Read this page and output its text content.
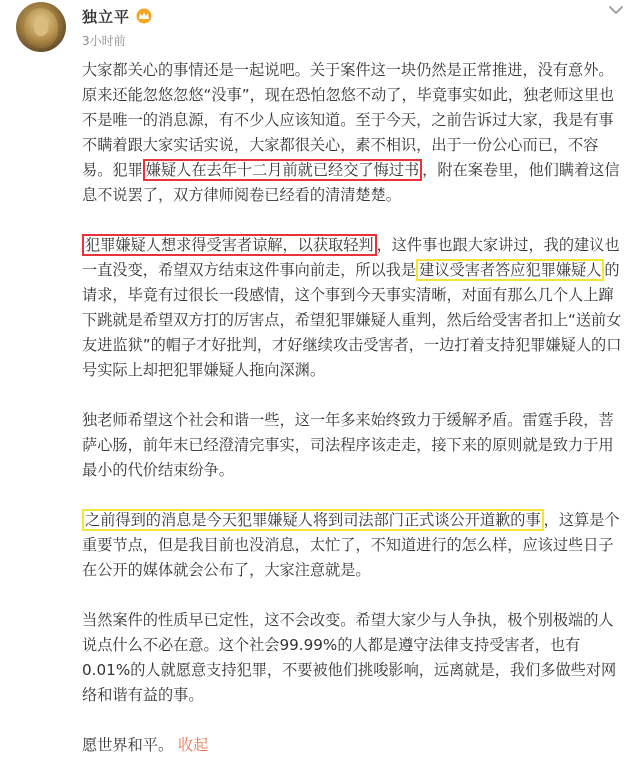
独立平
3小时前

大家都关心的事情还是一起说吧。关于案件这一块仍然是正常推进，没有意外。原来还能忽悠忽悠“没事”，现在恐怕忽悠不动了，毕竟事实如此，独老师这里也不是唯一的消息源，有不少人应该知道。至于今天，之前告诉过大家，我是有事不瞒着跟大家实话实说，大家都很关心，素不相识，出于一份公心而已，不容易。犯罪 嫌疑人在去年十二月前就已经交了悔过书 ，附在案卷里，他们瞒着这信息不说罢了，双方律师阅卷已经看的清清楚楚。

犯罪嫌疑人想求得受害者谅解，以获取轻判 ，这件事也跟大家讲过，我的建议也一直没变，希望双方结束这件事向前走，所以我是 建议受害者答应犯罪嫌疑人 的请求，毕竟有过很长一段感情，这个事到今天事实清晰，对面有那么几个人上蹿下跳就是希望双方打的厉害点，希望犯罪嫌疑人重判，然后给受害者扣上“送前女友进监狱”的帽子才好批判，才好继续攻击受害者，一边打着支持犯罪嫌疑人的口号实际上却把犯罪嫌疑人拖向深渊。

独老师希望这个社会和谐一些，这一年多来始终致力于缓解矛盾。雷霆手段，菩萨心肠，前年末已经澄清完事实，司法程序该走走，接下来的原则就是致力于用最小的代价结束纷争。

之前得到的消息是今天犯罪嫌疑人将到司法部门正式谈公开道歉的事 ，这算是个重要节点，但是我目前也没消息，太忙了，不知道进行的怎么样，应该过些日子在公开的媒体就会公布了，大家注意就是。

当然案件的性质早已定性，这不会改变。希望大家少与人争执，极个别极端的人说点什么不必在意。这个社会99.99%的人都是遵守法律支持受害者，也有0.01%的人就愿意支持犯罪，不要被他们挑唆影响，远离就是，我们多做些对网络和谐有益的事。

愿世界和平。 收起
